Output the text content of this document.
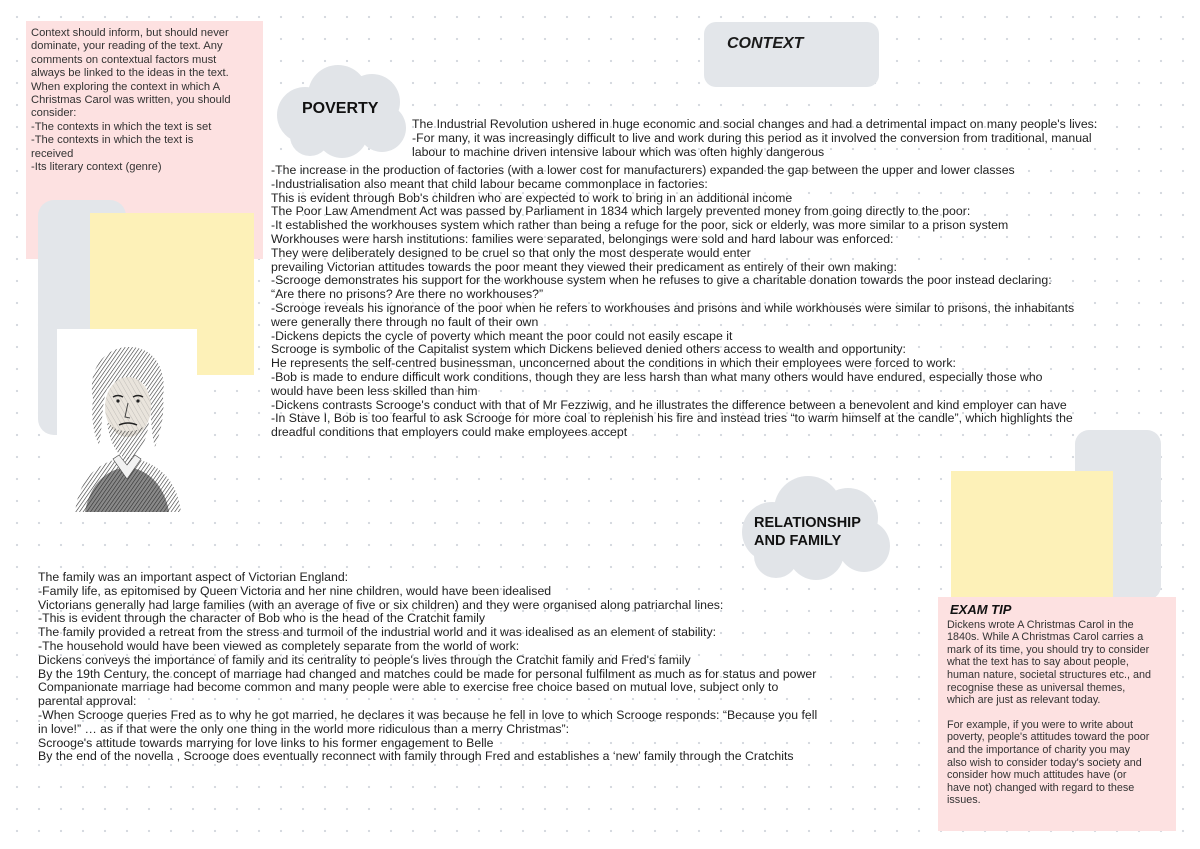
Context should inform, but should never
dominate, your reading of the text. Any
comments on contextual factors must
always be linked to the ideas in the text.
When exploring the context in which A
Christmas Carol was written, you should
consider:
-The contexts in which the text is set
-The contexts in which the text is
received
-Its literary context (genre)
CONTEXT
POVERTY
The Industrial Revolution ushered in huge economic and social changes and had a detrimental impact on many people's lives:
-For many, it was increasingly difficult to live and work during this period as it involved the conversion from traditional, manual
labour to machine driven intensive labour which was often highly dangerous
-The increase in the production of factories (with a lower cost for manufacturers) expanded the gap between the upper and lower classes
-Industrialisation also meant that child labour became commonplace in factories:
This is evident through Bob's children who are expected to work to bring in an additional income
The Poor Law Amendment Act was passed by Parliament in 1834 which largely prevented money from going directly to the poor:
-It established the workhouses system which rather than being a refuge for the poor, sick or elderly, was more similar to a prison system
Workhouses were harsh institutions: families were separated, belongings were sold and hard labour was enforced:
They were deliberately designed to be cruel so that only the most desperate would enter
prevailing Victorian attitudes towards the poor meant they viewed their predicament as entirely of their own making:
-Scrooge demonstrates his support for the workhouse system when he refuses to give a charitable donation towards the poor instead declaring:
“Are there no prisons? Are there no workhouses?”
-Scrooge reveals his ignorance of the poor when he refers to workhouses and prisons and while workhouses were similar to prisons, the inhabitants
were generally there through no fault of their own
-Dickens depicts the cycle of poverty which meant the poor could not easily escape it
Scrooge is symbolic of the Capitalist system which Dickens believed denied others access to wealth and opportunity:
He represents the self-centred businessman, unconcerned about the conditions in which their employees were forced to work:
-Bob is made to endure difficult work conditions, though they are less harsh than what many others would have endured, especially those who
would have been less skilled than him
-Dickens contrasts Scrooge's conduct with that of Mr Fezziwig, and he illustrates the difference between a benevolent and kind employer can have
-In Stave I, Bob is too fearful to ask Scrooge for more coal to replenish his fire and instead tries “to warm himself at the candle”, which highlights the
dreadful conditions that employers could make employees accept
RELATIONSHIP
AND FAMILY
The family was an important aspect of Victorian England:
-Family life, as epitomised by Queen Victoria and her nine children, would have been idealised
Victorians generally had large families (with an average of five or six children) and they were organised along patriarchal lines:
-This is evident through the character of Bob who is the head of the Cratchit family
The family provided a retreat from the stress and turmoil of the industrial world and it was idealised as an element of stability:
-The household would have been viewed as completely separate from the world of work:
Dickens conveys the importance of family and its centrality to people's lives through the Cratchit family and Fred's family
By the 19th Century, the concept of marriage had changed and matches could be made for personal fulfilment as much as for status and power
Companionate marriage had become common and many people were able to exercise free choice based on mutual love, subject only to
parental approval:
-When Scrooge queries Fred as to why he got married, he declares it was because he fell in love to which Scrooge responds: “Because you fell
in love!” … as if that were the only one thing in the world more ridiculous than a merry Christmas”:
Scrooge's attitude towards marrying for love links to his former engagement to Belle
By the end of the novella , Scrooge does eventually reconnect with family through Fred and establishes a ‘new’ family through the Cratchits
EXAM TIP
Dickens wrote A Christmas Carol in the
1840s. While A Christmas Carol carries a
mark of its time, you should try to consider
what the text has to say about people,
human nature, societal structures etc., and
recognise these as universal themes,
which are just as relevant today.
For example, if you were to write about
poverty, people's attitudes toward the poor
and the importance of charity you may
also wish to consider today's society and
consider how much attitudes have (or
have not) changed with regard to these
issues.
